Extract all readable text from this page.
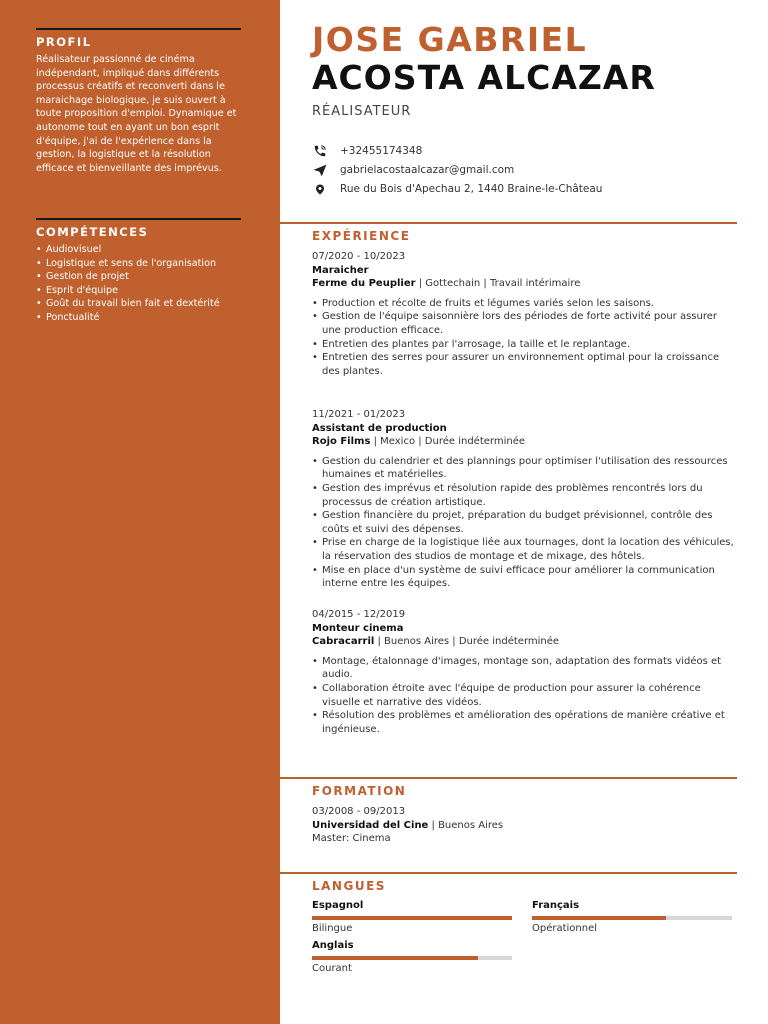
PROFIL
Réalisateur passionné de cinéma indépendant, impliqué dans différents processus créatifs et reconverti dans le maraichage biologique, je suis ouvert à toute proposition d'emploi. Dynamique et autonome tout en ayant un bon esprit d'équipe, j'ai de l'expérience dans la gestion, la logistique et la résolution efficace et bienveillante des imprévus.
COMPÉTENCES
• Audiovisuel
• Logistique et sens de l'organisation
• Gestion de projet
• Esprit d'équipe
• Goût du travail bien fait et dextérité
• Ponctualité
JOSE GABRIEL
ACOSTA ALCAZAR
RÉALISATEUR
+32455174348
gabrielacostaalcazar@gmail.com
Rue du Bois d'Apechau 2, 1440 Braine-le-Château
EXPÉRIENCE
07/2020 - 10/2023
Maraicher
Ferme du Peuplier | Gottechain | Travail intérimaire
• Production et récolte de fruits et légumes variés selon les saisons.
• Gestion de l'équipe saisonnière lors des périodes de forte activité pour assurer une production efficace.
• Entretien des plantes par l'arrosage, la taille et le replantage.
• Entretien des serres pour assurer un environnement optimal pour la croissance des plantes.
11/2021 - 01/2023
Assistant de production
Rojo Films | Mexico | Durée indéterminée
• Gestion du calendrier et des plannings pour optimiser l'utilisation des ressources humaines et matérielles.
• Gestion des imprévus et résolution rapide des problèmes rencontrés lors du processus de création artistique.
• Gestion financière du projet, préparation du budget prévisionnel, contrôle des coûts et suivi des dépenses.
• Prise en charge de la logistique liée aux tournages, dont la location des véhicules, la réservation des studios de montage et de mixage, des hôtels.
• Mise en place d'un système de suivi efficace pour améliorer la communication interne entre les équipes.
04/2015 - 12/2019
Monteur cinema
Cabracarril | Buenos Aires | Durée indéterminée
• Montage, étalonnage d'images, montage son, adaptation des formats vidéos et audio.
• Collaboration étroite avec l'équipe de production pour assurer la cohérence visuelle et narrative des vidéos.
• Résolution des problèmes et amélioration des opérations de manière créative et ingénieuse.
FORMATION
03/2008 - 09/2013
Universidad del Cine | Buenos Aires
Master: Cinema
LANGUES
Espagnol
Bilingue
Français
Opérationnel
Anglais
Courant
